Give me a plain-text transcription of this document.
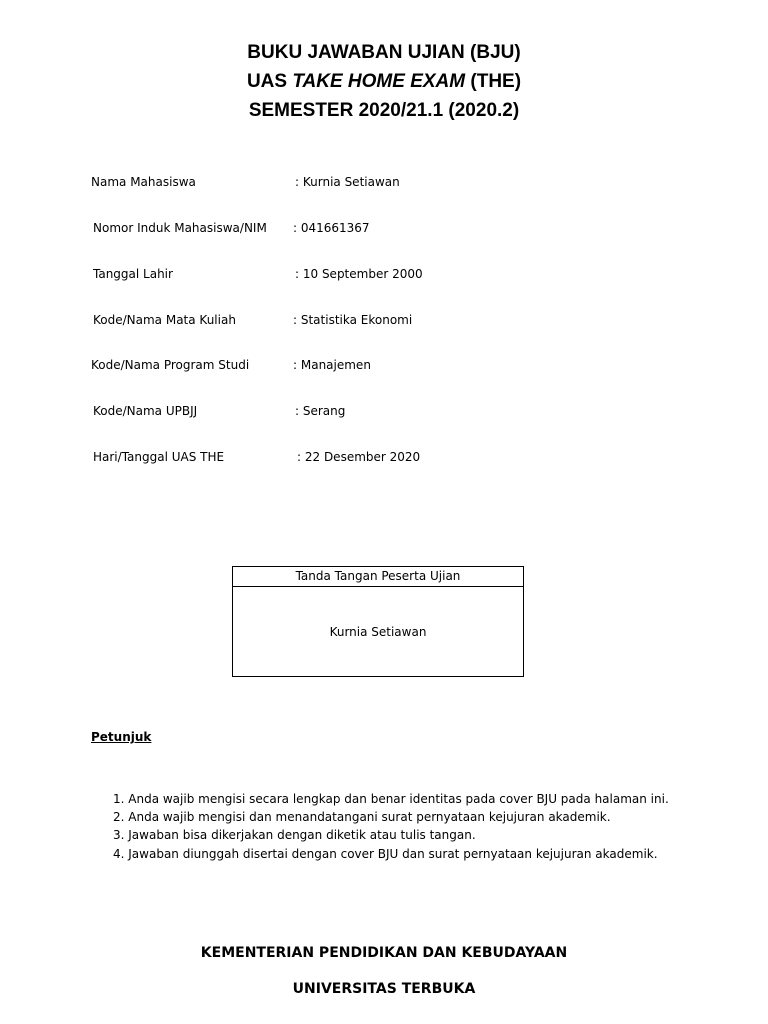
BUKU JAWABAN UJIAN (BJU)
UAS TAKE HOME EXAM (THE)
SEMESTER 2020/21.1 (2020.2)
Nama Mahasiswa	: Kurnia Setiawan
Nomor Induk Mahasiswa/NIM : 041661367
Tanggal Lahir	: 10 September 2000
Kode/Nama Mata Kuliah	: Statistika Ekonomi
Kode/Nama Program Studi	: Manajemen
Kode/Nama UPBJJ	: Serang
Hari/Tanggal UAS THE	: 22 Desember 2020
Tanda Tangan Peserta Ujian
Kurnia Setiawan
Petunjuk
1. Anda wajib mengisi secara lengkap dan benar identitas pada cover BJU pada halaman ini.
2. Anda wajib mengisi dan menandatangani surat pernyataan kejujuran akademik.
3. Jawaban bisa dikerjakan dengan diketik atau tulis tangan.
4. Jawaban diunggah disertai dengan cover BJU dan surat pernyataan kejujuran akademik.
KEMENTERIAN PENDIDIKAN DAN KEBUDAYAAN
UNIVERSITAS TERBUKA
